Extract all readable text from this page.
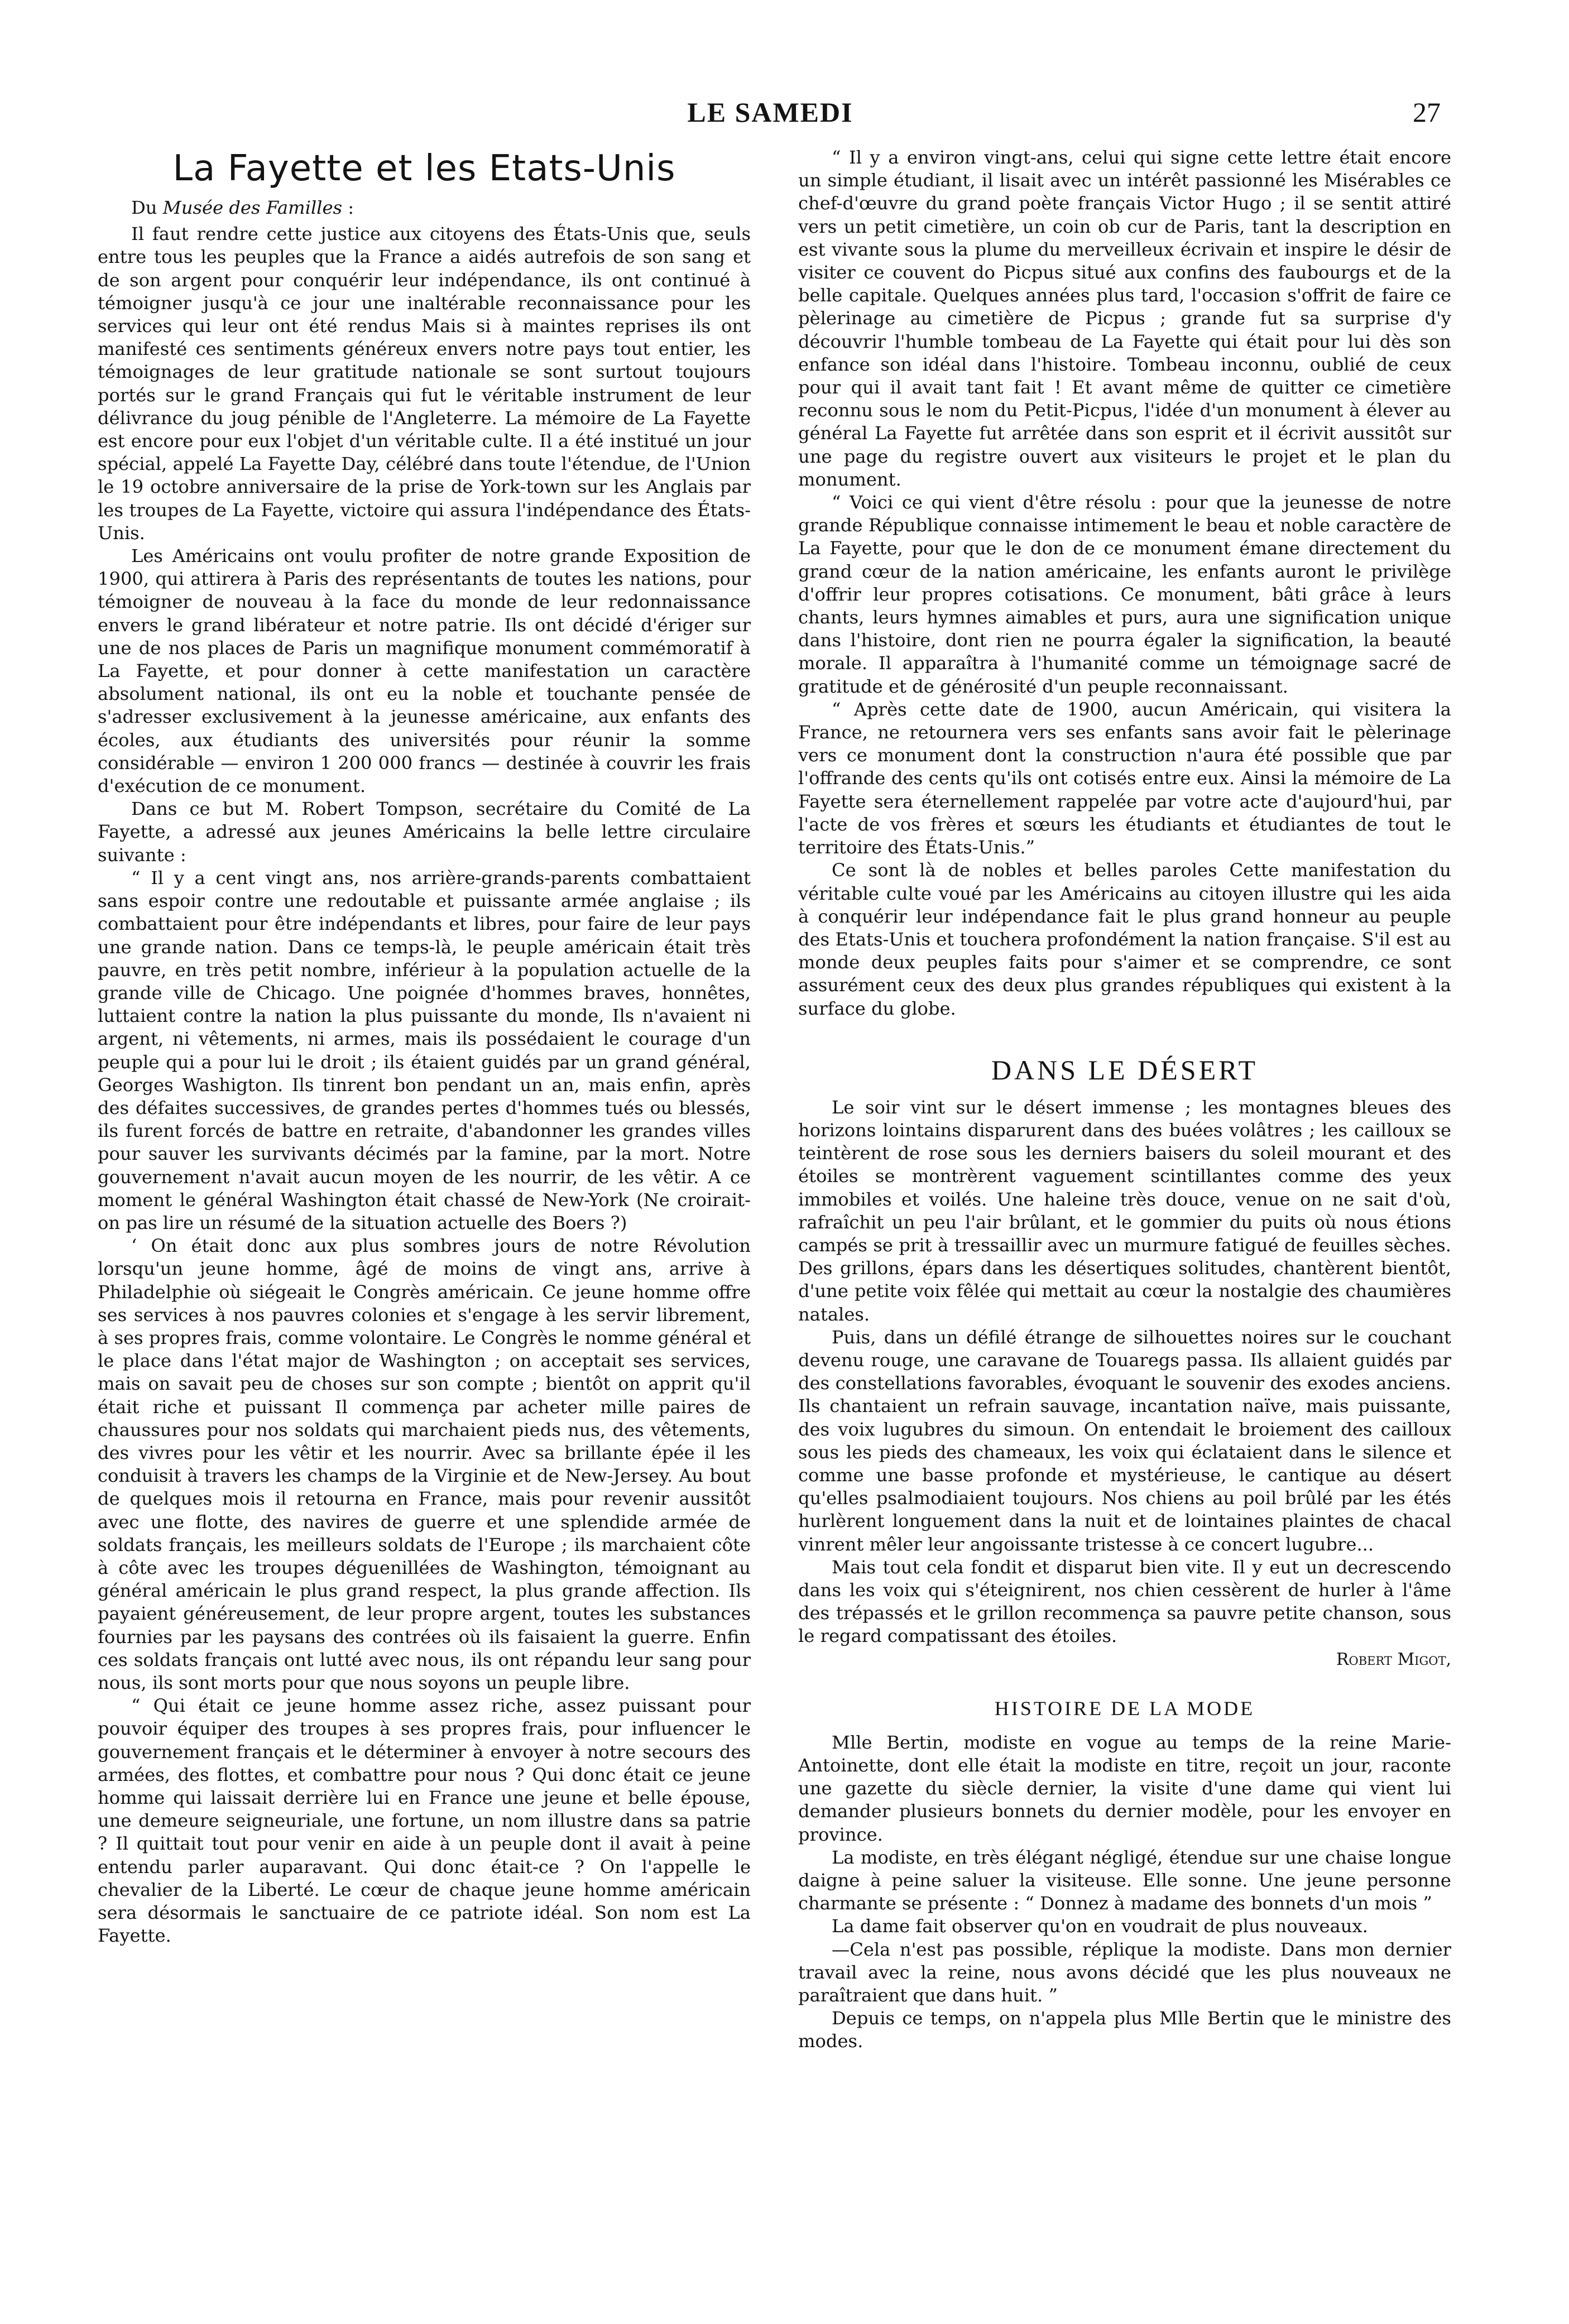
LE SAMEDI	27
La Fayette et les Etats-Unis

Du Musée des Familles :

Il faut rendre cette justice aux citoyens des États-Unis que, seuls entre tous les peuples que la France a aidés autrefois de son sang et de son argent pour conquérir leur indépendance, ils ont continué à témoigner jusqu'à ce jour une inaltérable reconnaissance pour les services qui leur ont été rendus Mais si à maintes reprises ils ont manifesté ces sentiments généreux envers notre pays tout entier, les témoignages de leur gratitude nationale se sont surtout toujours portés sur le grand Français qui fut le véritable instrument de leur délivrance du joug pénible de l'Angleterre. La mémoire de La Fayette est encore pour eux l'objet d'un véritable culte. Il a été institué un jour spécial, appelé La Fayette Day, célébré dans toute l'étendue, de l'Union le 19 octobre anniversaire de la prise de York-town sur les Anglais par les troupes de La Fayette, victoire qui assura l'indépendance des États-Unis.

Les Américains ont voulu profiter de notre grande Exposition de 1900, qui attirera à Paris des représentants de toutes les nations, pour témoigner de nouveau à la face du monde de leur redonnaissance envers le grand libérateur et notre patrie. Ils ont décidé d'ériger sur une de nos places de Paris un magnifique monument commémoratif à La Fayette, et pour donner à cette manifestation un caractère absolument national, ils ont eu la noble et touchante pensée de s'adresser exclusivement à la jeunesse américaine, aux enfants des écoles, aux étudiants des universités pour réunir la somme considérable — environ 1 200 000 francs — destinée à couvrir les frais d'exécution de ce monument.

Dans ce but M. Robert Tompson, secrétaire du Comité de La Fayette, a adressé aux jeunes Américains la belle lettre circulaire suivante :

“ Il y a cent vingt ans, nos arrière-grands-parents combattaient sans espoir contre une redoutable et puissante armée anglaise ; ils combattaient pour être indépendants et libres, pour faire de leur pays une grande nation. Dans ce temps-là, le peuple américain était très pauvre, en très petit nombre, inférieur à la population actuelle de la grande ville de Chicago. Une poignée d'hommes braves, honnêtes, luttaient contre la nation la plus puissante du monde, Ils n'avaient ni argent, ni vêtements, ni armes, mais ils possédaient le courage d'un peuple qui a pour lui le droit ; ils étaient guidés par un grand général, Georges Washigton. Ils tinrent bon pendant un an, mais enfin, après des défaites successives, de grandes pertes d'hommes tués ou blessés, ils furent forcés de battre en retraite, d'abandonner les grandes villes pour sauver les survivants décimés par la famine, par la mort. Notre gouvernement n'avait aucun moyen de les nourrir, de les vêtir. A ce moment le général Washington était chassé de New-York (Ne croirait-on pas lire un résumé de la situation actuelle des Boers ?)

‘ On était donc aux plus sombres jours de notre Révolution lorsqu'un jeune homme, âgé de moins de vingt ans, arrive à Philadelphie où siégeait le Congrès américain. Ce jeune homme offre ses services à nos pauvres colonies et s'engage à les servir librement, à ses propres frais, comme volontaire. Le Congrès le nomme général et le place dans l'état major de Washington ; on acceptait ses services, mais on savait peu de choses sur son compte ; bientôt on apprit qu'il était riche et puissant Il commença par acheter mille paires de chaussures pour nos soldats qui marchaient pieds nus, des vêtements, des vivres pour les vêtir et les nourrir. Avec sa brillante épée il les conduisit à travers les champs de la Virginie et de New-Jersey. Au bout de quelques mois il retourna en France, mais pour revenir aussitôt avec une flotte, des navires de guerre et une splendide armée de soldats français, les meilleurs soldats de l'Europe ; ils marchaient côte à côte avec les troupes déguenillées de Washington, témoignant au général américain le plus grand respect, la plus grande affection. Ils payaient généreusement, de leur propre argent, toutes les substances fournies par les paysans des contrées où ils faisaient la guerre. Enfin ces soldats français ont lutté avec nous, ils ont répandu leur sang pour nous, ils sont morts pour que nous soyons un peuple libre.

“ Qui était ce jeune homme assez riche, assez puissant pour pouvoir équiper des troupes à ses propres frais, pour influencer le gouvernement français et le déterminer à envoyer à notre secours des armées, des flottes, et combattre pour nous ? Qui donc était ce jeune homme qui laissait derrière lui en France une jeune et belle épouse, une demeure seigneuriale, une fortune, un nom illustre dans sa patrie ? Il quittait tout pour venir en aide à un peuple dont il avait à peine entendu parler auparavant. Qui donc était-ce ? On l'appelle le chevalier de la Liberté. Le cœur de chaque jeune homme américain sera désormais le sanctuaire de ce patriote idéal. Son nom est La Fayette.

“ Il y a environ vingt-ans, celui qui signe cette lettre était encore un simple étudiant, il lisait avec un intérêt passionné les Misérables ce chef-d'œuvre du grand poète français Victor Hugo ; il se sentit attiré vers un petit cimetière, un coin ob cur de Paris, tant la description en est vivante sous la plume du merveilleux écrivain et inspire le désir de visiter ce couvent do Picpus situé aux confins des faubourgs et de la belle capitale. Quelques années plus tard, l'occasion s'offrit de faire ce pèlerinage au cimetière de Picpus ; grande fut sa surprise d'y découvrir l'humble tombeau de La Fayette qui était pour lui dès son enfance son idéal dans l'histoire. Tombeau inconnu, oublié de ceux pour qui il avait tant fait ! Et avant même de quitter ce cimetière reconnu sous le nom du Petit-Picpus, l'idée d'un monument à élever au général La Fayette fut arrêtée dans son esprit et il écrivit aussitôt sur une page du registre ouvert aux visiteurs le projet et le plan du monument.

“ Voici ce qui vient d'être résolu : pour que la jeunesse de notre grande République connaisse intimement le beau et noble caractère de La Fayette, pour que le don de ce monument émane directement du grand cœur de la nation américaine, les enfants auront le privilège d'offrir leur propres cotisations. Ce monument, bâti grâce à leurs chants, leurs hymnes aimables et purs, aura une signification unique dans l'histoire, dont rien ne pourra égaler la signification, la beauté morale. Il apparaîtra à l'humanité comme un témoignage sacré de gratitude et de générosité d'un peuple reconnaissant.

“ Après cette date de 1900, aucun Américain, qui visitera la France, ne retournera vers ses enfants sans avoir fait le pèlerinage vers ce monument dont la construction n'aura été possible que par l'offrande des cents qu'ils ont cotisés entre eux. Ainsi la mémoire de La Fayette sera éternellement rappelée par votre acte d'aujourd'hui, par l'acte de vos frères et sœurs les étudiants et étudiantes de tout le territoire des États-Unis.”

Ce sont là de nobles et belles paroles Cette manifestation du véritable culte voué par les Américains au citoyen illustre qui les aida à conquérir leur indépendance fait le plus grand honneur au peuple des Etats-Unis et touchera profondément la nation française. S'il est au monde deux peuples faits pour s'aimer et se comprendre, ce sont assurément ceux des deux plus grandes républiques qui existent à la surface du globe.

DANS LE DÉSERT

Le soir vint sur le désert immense ; les montagnes bleues des horizons lointains disparurent dans des buées volâtres ; les cailloux se teintèrent de rose sous les derniers baisers du soleil mourant et des étoiles se montrèrent vaguement scintillantes comme des yeux immobiles et voilés. Une haleine très douce, venue on ne sait d'où, rafraîchit un peu l'air brûlant, et le gommier du puits où nous étions campés se prit à tressaillir avec un murmure fatigué de feuilles sèches. Des grillons, épars dans les désertiques solitudes, chantèrent bientôt, d'une petite voix fêlée qui mettait au cœur la nostalgie des chaumières natales.

Puis, dans un défilé étrange de silhouettes noires sur le couchant devenu rouge, une caravane de Touaregs passa. Ils allaient guidés par des constellations favorables, évoquant le souvenir des exodes anciens. Ils chantaient un refrain sauvage, incantation naïve, mais puissante, des voix lugubres du simoun. On entendait le broiement des cailloux sous les pieds des chameaux, les voix qui éclataient dans le silence et comme une basse profonde et mystérieuse, le cantique au désert qu'elles psalmodiaient toujours. Nos chiens au poil brûlé par les étés hurlèrent longuement dans la nuit et de lointaines plaintes de chacal vinrent mêler leur angoissante tristesse à ce concert lugubre...

Mais tout cela fondit et disparut bien vite. Il y eut un decrescendo dans les voix qui s'éteignirent, nos chien cessèrent de hurler à l'âme des trépassés et le grillon recommença sa pauvre petite chanson, sous le regard compatissant des étoiles.

Robert Migot,

HISTOIRE DE LA MODE

Mlle Bertin, modiste en vogue au temps de la reine Marie-Antoinette, dont elle était la modiste en titre, reçoit un jour, raconte une gazette du siècle dernier, la visite d'une dame qui vient lui demander plusieurs bonnets du dernier modèle, pour les envoyer en province.

La modiste, en très élégant négligé, étendue sur une chaise longue daigne à peine saluer la visiteuse. Elle sonne. Une jeune personne charmante se présente : “ Donnez à madame des bonnets d'un mois ”

La dame fait observer qu'on en voudrait de plus nouveaux.

—Cela n'est pas possible, réplique la modiste. Dans mon dernier travail avec la reine, nous avons décidé que les plus nouveaux ne paraîtraient que dans huit. ”

Depuis ce temps, on n'appela plus Mlle Bertin que le ministre des modes.
